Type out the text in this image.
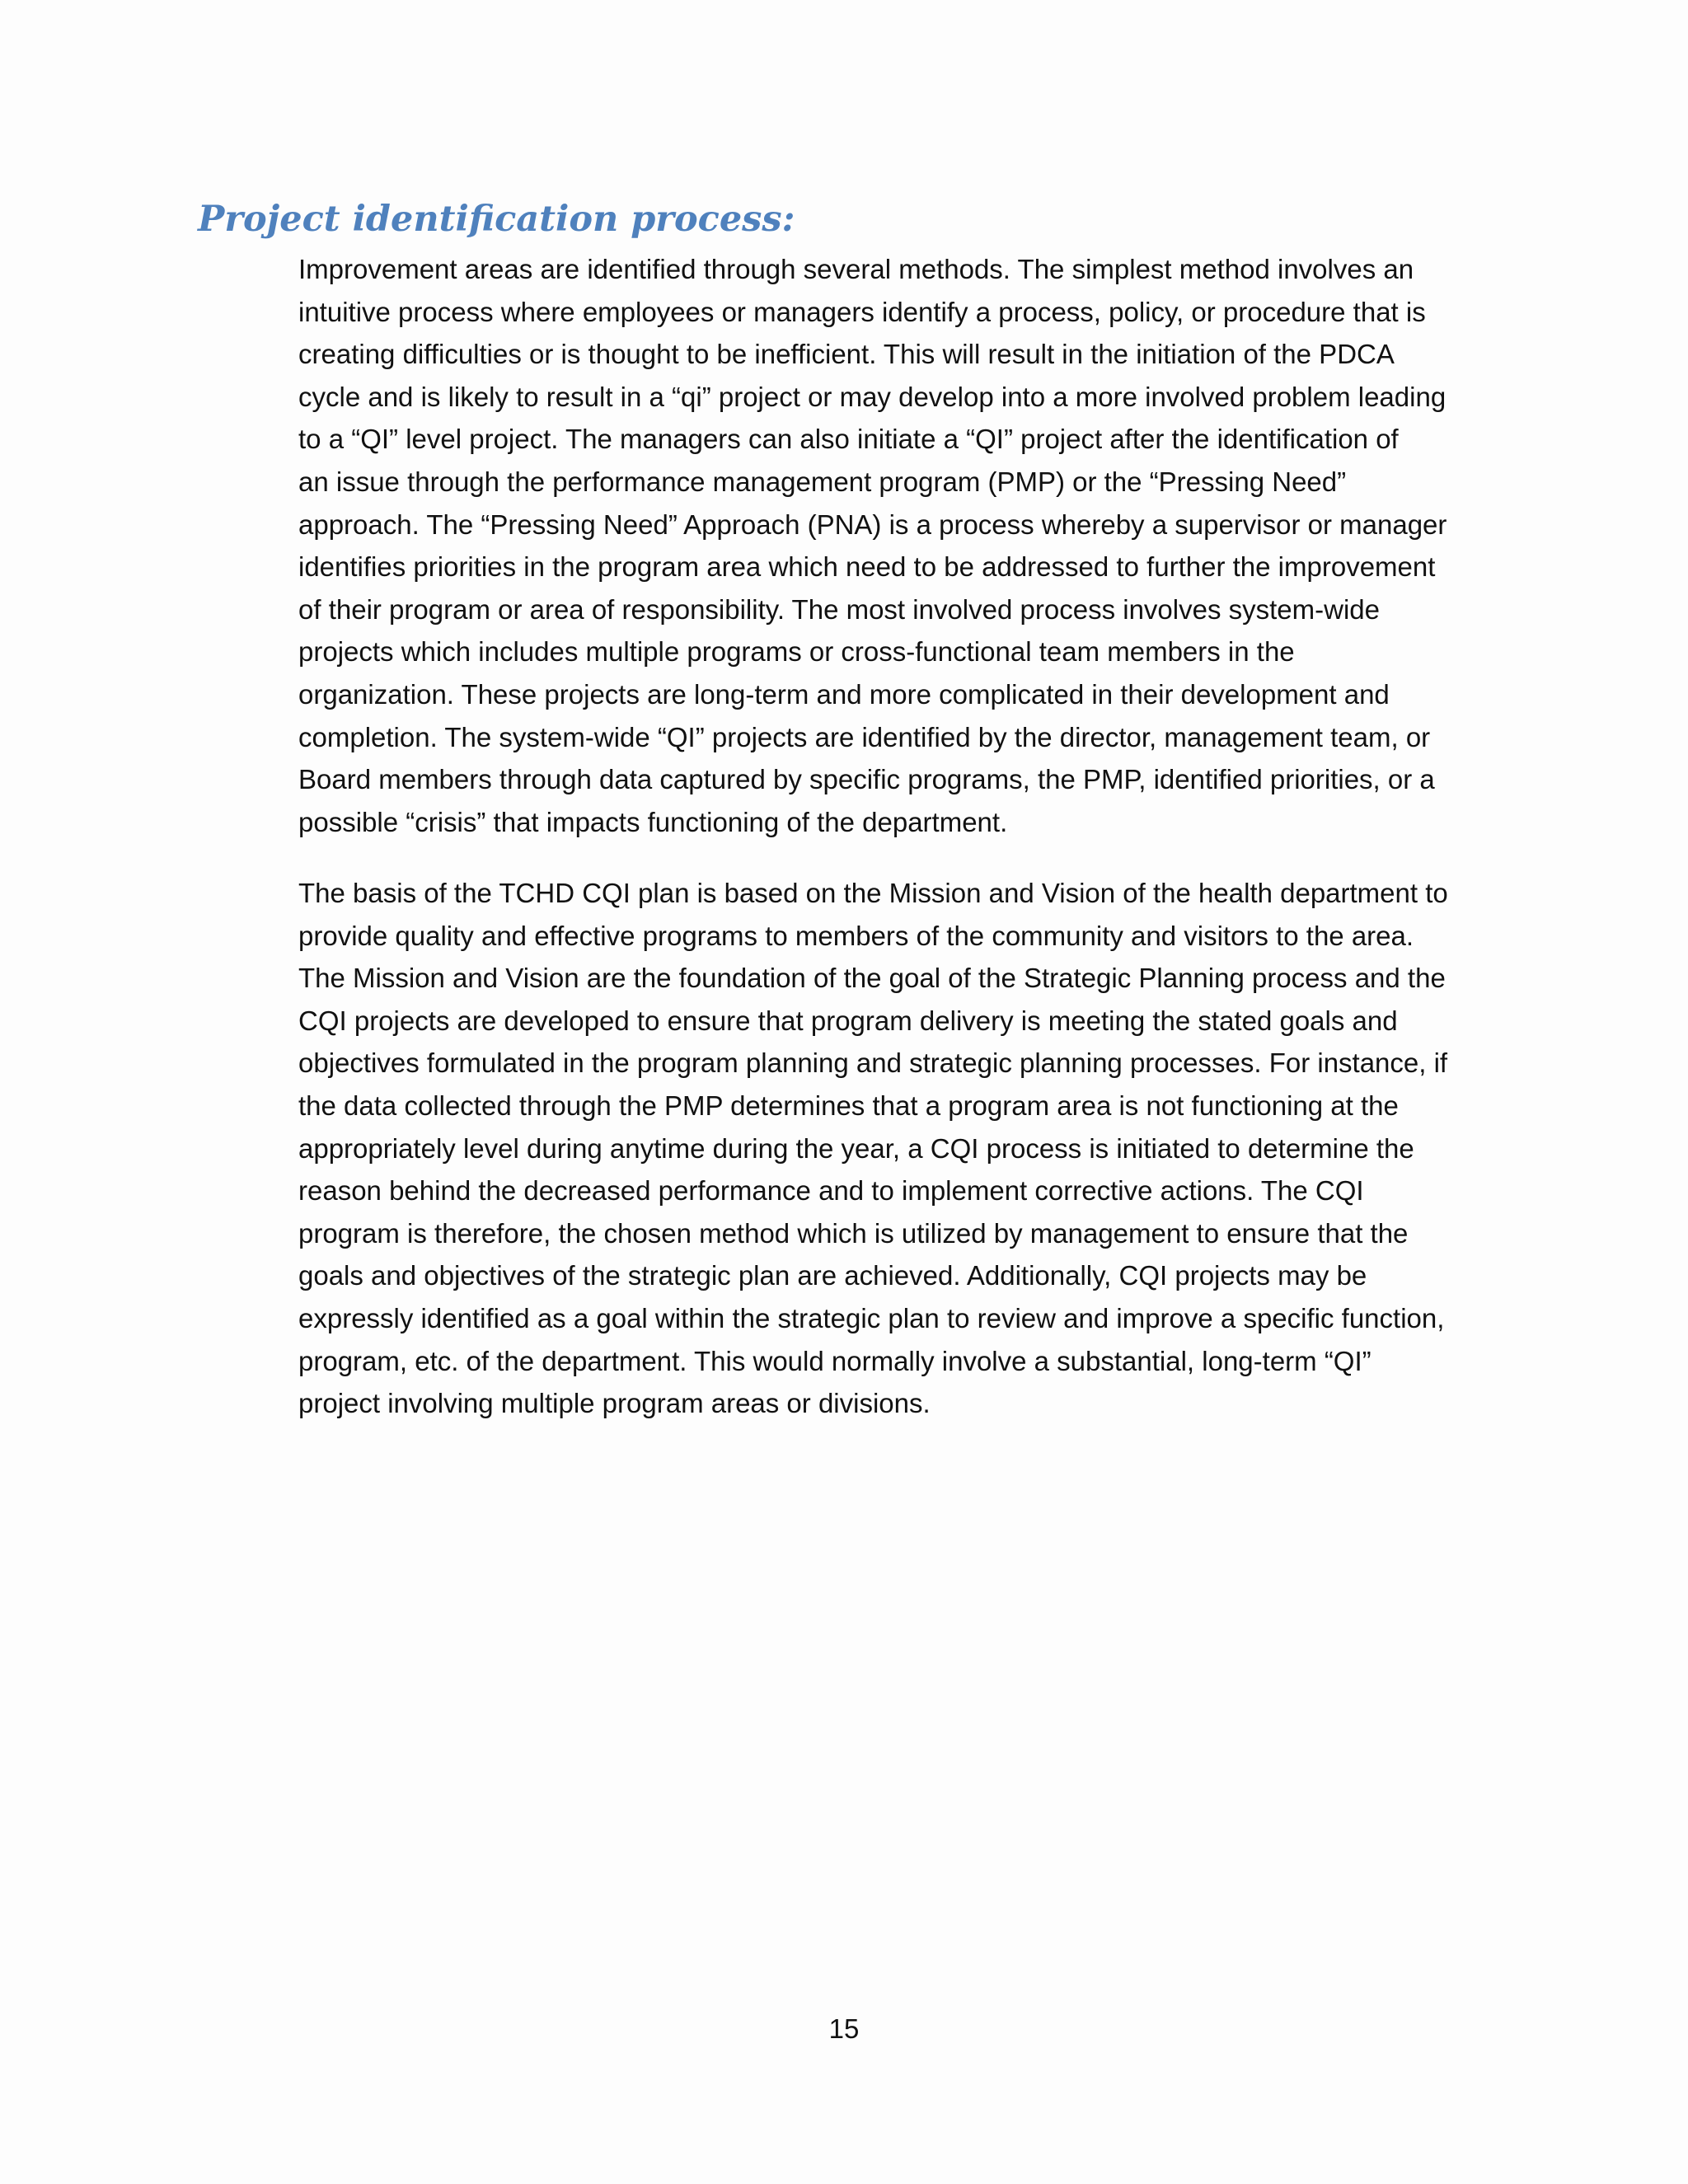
Project identification process:

Improvement areas are identified through several methods. The simplest method involves an
intuitive process where employees or managers identify a process, policy, or procedure that is
creating difficulties or is thought to be inefficient. This will result in the initiation of the PDCA
cycle and is likely to result in a “qi” project or may develop into a more involved problem leading
to a “QI” level project. The managers can also initiate a “QI” project after the identification of
an issue through the performance management program (PMP) or the “Pressing Need”
approach. The “Pressing Need” Approach (PNA) is a process whereby a supervisor or manager
identifies priorities in the program area which need to be addressed to further the improvement
of their program or area of responsibility. The most involved process involves system-wide
projects which includes multiple programs or cross-functional team members in the
organization. These projects are long-term and more complicated in their development and
completion. The system-wide “QI” projects are identified by the director, management team, or
Board members through data captured by specific programs, the PMP, identified priorities, or a
possible “crisis” that impacts functioning of the department.

The basis of the TCHD CQI plan is based on the Mission and Vision of the health department to
provide quality and effective programs to members of the community and visitors to the area.
The Mission and Vision are the foundation of the goal of the Strategic Planning process and the
CQI projects are developed to ensure that program delivery is meeting the stated goals and
objectives formulated in the program planning and strategic planning processes. For instance, if
the data collected through the PMP determines that a program area is not functioning at the
appropriately level during anytime during the year, a CQI process is initiated to determine the
reason behind the decreased performance and to implement corrective actions. The CQI
program is therefore, the chosen method which is utilized by management to ensure that the
goals and objectives of the strategic plan are achieved. Additionally, CQI projects may be
expressly identified as a goal within the strategic plan to review and improve a specific function,
program, etc. of the department. This would normally involve a substantial, long-term “QI”
project involving multiple program areas or divisions.

15
